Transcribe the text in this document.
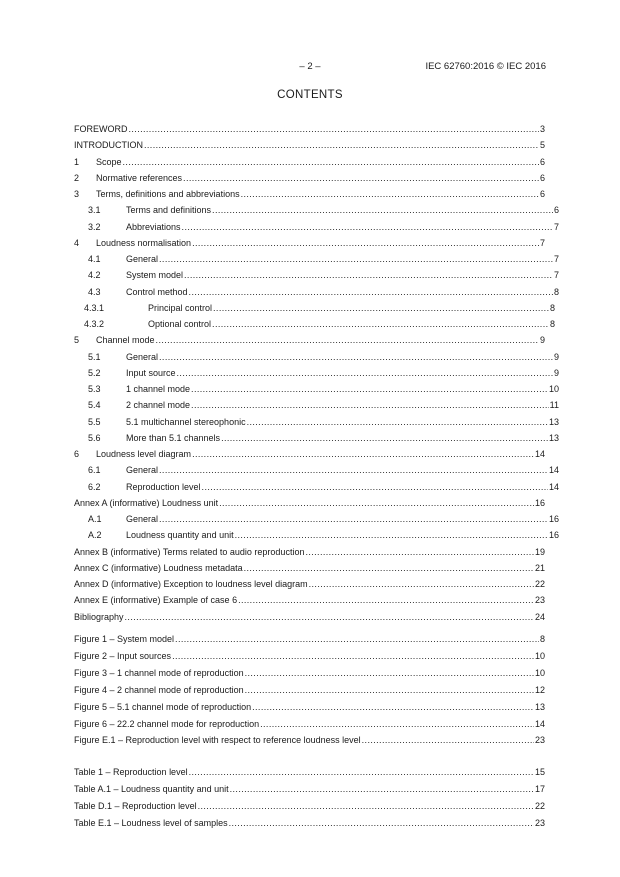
– 2 –	IEC 62760:2016 © IEC 2016
CONTENTS
FOREWORD .....	3
INTRODUCTION .....	5
1	Scope .....	6
2	Normative references .....	6
3	Terms, definitions and abbreviations .....	6
3.1	Terms and definitions .....	6
3.2	Abbreviations .....	7
4	Loudness normalisation .....	7
4.1	General .....	7
4.2	System model .....	7
4.3	Control method .....	8
4.3.1	Principal control .....	8
4.3.2	Optional control .....	8
5	Channel mode .....	9
5.1	General .....	9
5.2	Input source .....	9
5.3	1 channel mode .....	10
5.4	2 channel mode .....	11
5.5	5.1 multichannel stereophonic .....	13
5.6	More than 5.1 channels .....	13
6	Loudness level diagram .....	14
6.1	General .....	14
6.2	Reproduction level .....	14
Annex A (informative) Loudness unit .....	16
A.1	General .....	16
A.2	Loudness quantity and unit .....	16
Annex B (informative) Terms related to audio reproduction .....	19
Annex C (informative) Loudness metadata .....	21
Annex D (informative) Exception to loudness level diagram .....	22
Annex E (informative) Example of case 6 .....	23
Bibliography .....	24
Figure 1 – System model .....	8
Figure 2 – Input sources .....	10
Figure 3 – 1 channel mode of reproduction .....	10
Figure 4 – 2 channel mode of reproduction .....	12
Figure 5 – 5.1 channel mode of reproduction .....	13
Figure 6 – 22.2 channel mode for reproduction .....	14
Figure E.1 – Reproduction level with respect to reference loudness level .....	23
Table 1 – Reproduction level .....	15
Table A.1 – Loudness quantity and unit .....	17
Table D.1 – Reproduction level .....	22
Table E.1 – Loudness level of samples .....	23
